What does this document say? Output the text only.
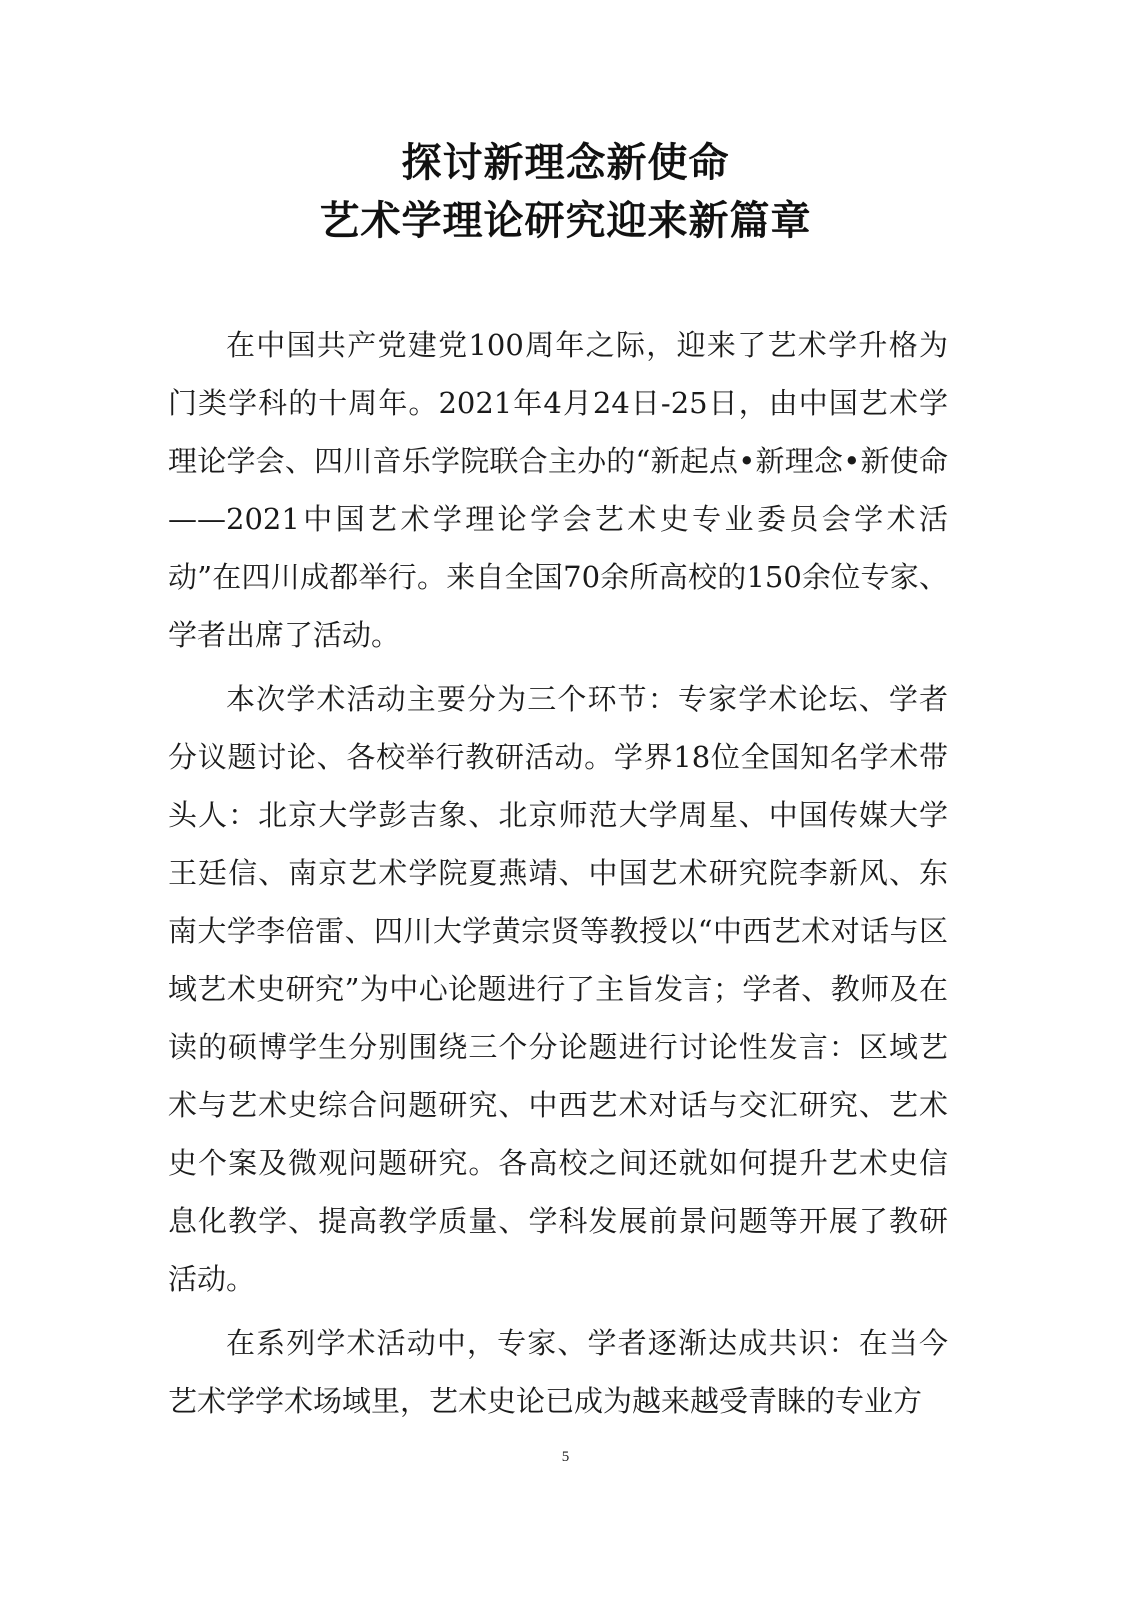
探讨新理念新使命

艺术学理论研究迎来新篇章

在中国共产党建党100周年之际，迎来了艺术学升格为门类学科的十周年。2021年4月24日-25日，由中国艺术学理论学会、四川音乐学院联合主办的“新起点•新理念•新使命——2021中国艺术学理论学会艺术史专业委员会学术活动”在四川成都举行。来自全国70余所高校的150余位专家、学者出席了活动。

本次学术活动主要分为三个环节：专家学术论坛、学者分议题讨论、各校举行教研活动。学界18位全国知名学术带头人：北京大学彭吉象、北京师范大学周星、中国传媒大学王廷信、南京艺术学院夏燕靖、中国艺术研究院李新风、东南大学李倍雷、四川大学黄宗贤等教授以“中西艺术对话与区域艺术史研究”为中心论题进行了主旨发言；学者、教师及在读的硕博学生分别围绕三个分论题进行讨论性发言：区域艺术与艺术史综合问题研究、中西艺术对话与交汇研究、艺术史个案及微观问题研究。各高校之间还就如何提升艺术史信息化教学、提高教学质量、学科发展前景问题等开展了教研活动。

在系列学术活动中，专家、学者逐渐达成共识：在当今艺术学学术场域里，艺术史论已成为越来越受青睐的专业方

5
